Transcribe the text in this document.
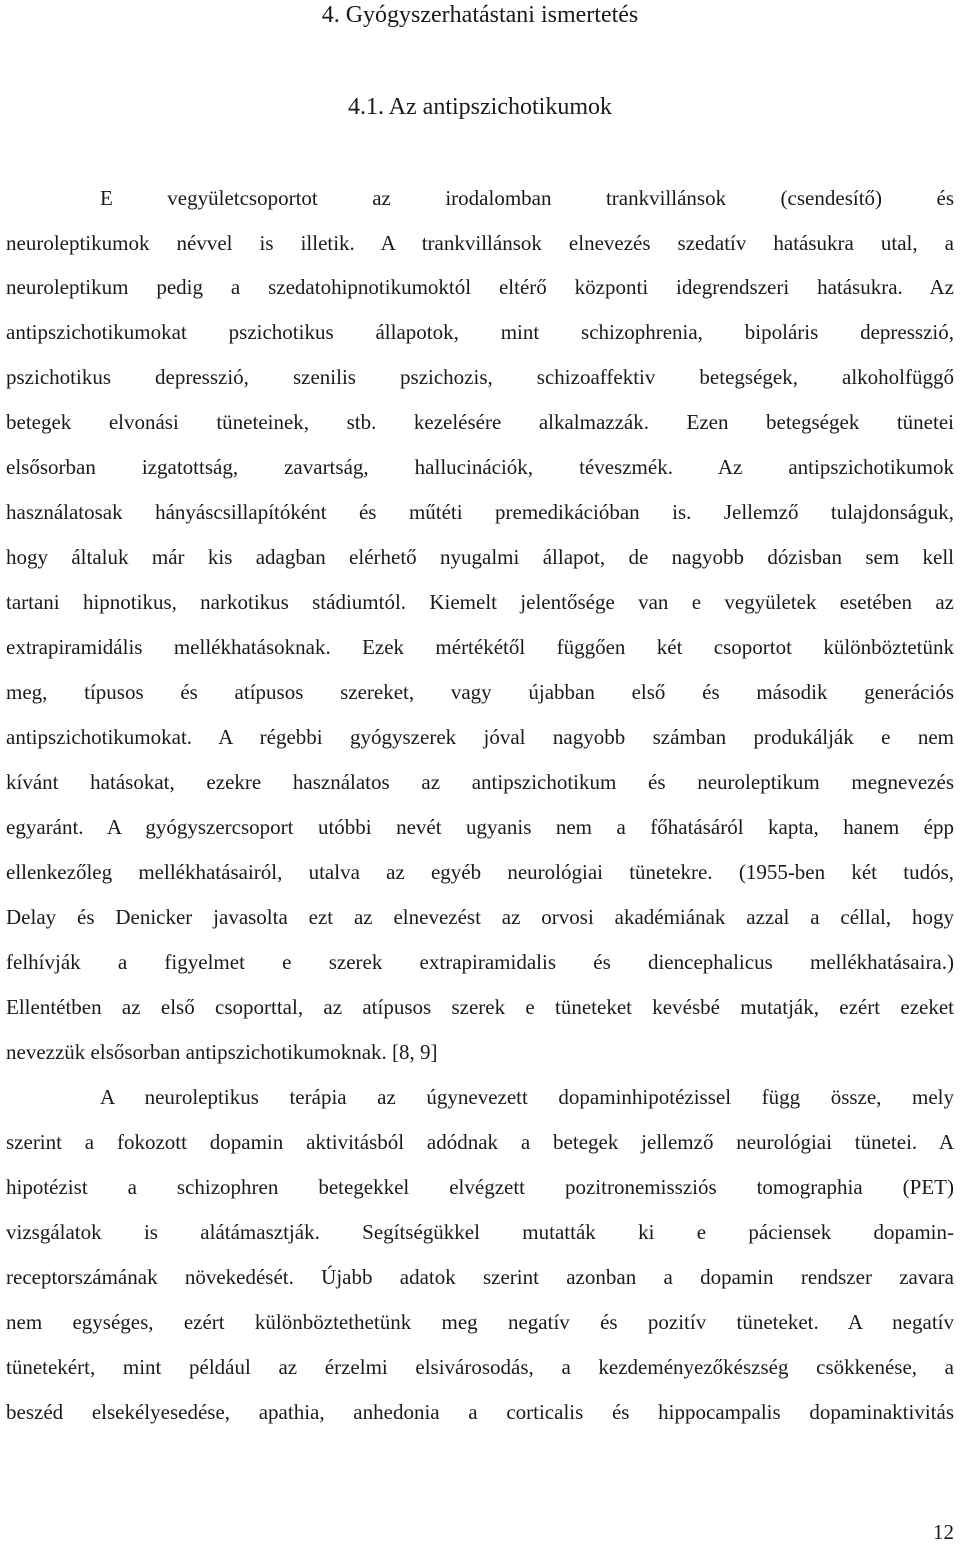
4. Gyógyszerhatástani ismertetés
4.1. Az antipszichotikumok
E vegyületcsoportot az irodalomban trankvillánsok (csendesítő) és
neuroleptikumok névvel is illetik. A trankvillánsok elnevezés szedatív hatásukra utal, a
neuroleptikum pedig a szedatohipnotikumoktól eltérő központi idegrendszeri hatásukra. Az
antipszichotikumokat pszichotikus állapotok, mint schizophrenia, bipoláris depresszió,
pszichotikus depresszió, szenilis pszichozis, schizoaffektiv betegségek, alkoholfüggő
betegek elvonási tüneteinek, stb. kezelésére alkalmazzák. Ezen betegségek tünetei
elsősorban izgatottság, zavartság, hallucinációk, téveszmék. Az antipszichotikumok
használatosak hányáscsillapítóként és műtéti premedikációban is. Jellemző tulajdonságuk,
hogy általuk már kis adagban elérhető nyugalmi állapot, de nagyobb dózisban sem kell
tartani hipnotikus, narkotikus stádiumtól. Kiemelt jelentősége van e vegyületek esetében az
extrapiramidális mellékhatásoknak. Ezek mértékétől függően két csoportot különböztetünk
meg, típusos és atípusos szereket, vagy újabban első és második generációs
antipszichotikumokat. A régebbi gyógyszerek jóval nagyobb számban produkálják e nem
kívánt hatásokat, ezekre használatos az antipszichotikum és neuroleptikum megnevezés
egyaránt. A gyógyszercsoport utóbbi nevét ugyanis nem a főhatásáról kapta, hanem épp
ellenkezőleg mellékhatásairól, utalva az egyéb neurológiai tünetekre. (1955-ben két tudós,
Delay és Denicker javasolta ezt az elnevezést az orvosi akadémiának azzal a céllal, hogy
felhívják a figyelmet e szerek extrapiramidalis és diencephalicus mellékhatásaira.)
Ellentétben az első csoporttal, az atípusos szerek e tüneteket kevésbé mutatják, ezért ezeket
nevezzük elsősorban antipszichotikumoknak. [8, 9]
A neuroleptikus terápia az úgynevezett dopaminhipotézissel függ össze, mely
szerint a fokozott dopamin aktivitásból adódnak a betegek jellemző neurológiai tünetei. A
hipotézist a schizophren betegekkel elvégzett pozitronemissziós tomographia (PET)
vizsgálatok is alátámasztják. Segítségükkel mutatták ki e páciensek dopamin-
receptorszámának növekedését. Újabb adatok szerint azonban a dopamin rendszer zavara
nem egységes, ezért különböztethetünk meg negatív és pozitív tüneteket. A negatív
tünetekért, mint például az érzelmi elsivárosodás, a kezdeményezőkészség csökkenése, a
beszéd elsekélyesedése, apathia, anhedonia a corticalis és hippocampalis dopaminaktivitás
12
